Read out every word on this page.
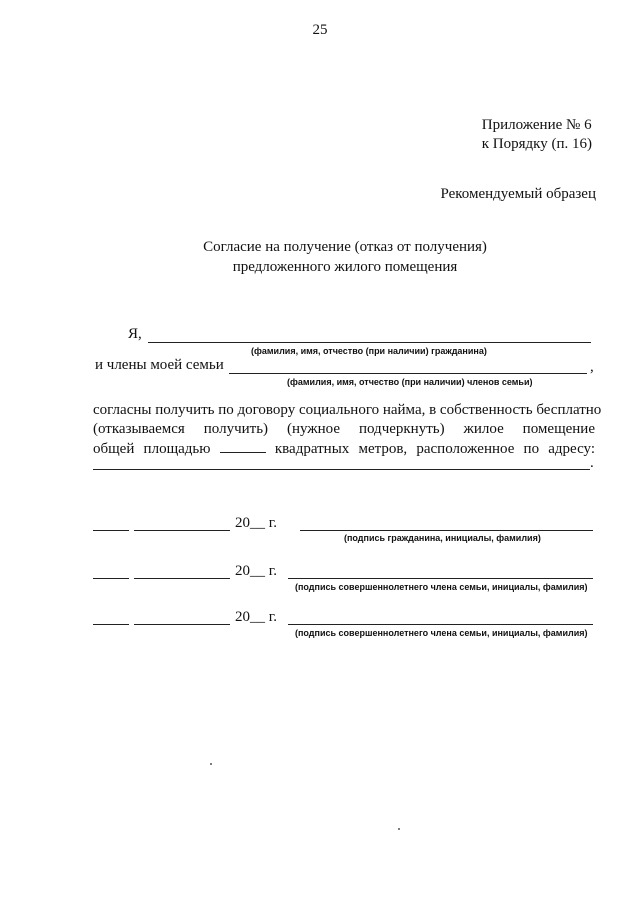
25
Приложение № 6
к Порядку (п. 16)
Рекомендуемый образец
Согласие на получение (отказ от получения)
предложенного жилого помещения
Я,
(фамилия, имя, отчество (при наличии) гражданина)
и члены моей семьи	,
(фамилия, имя, отчество (при наличии) членов семьи)
согласны получить по договору социального найма, в собственность бесплатно
(отказываемся получить) (нужное подчеркнуть) жилое помещение
общей площадью	квадратных метров, расположенное по адресу:
.
20__ г.
(подпись гражданина, инициалы, фамилия)
20__ г.
(подпись совершеннолетнего члена семьи, инициалы, фамилия)
20__ г.
(подпись совершеннолетнего члена семьи, инициалы, фамилия)
